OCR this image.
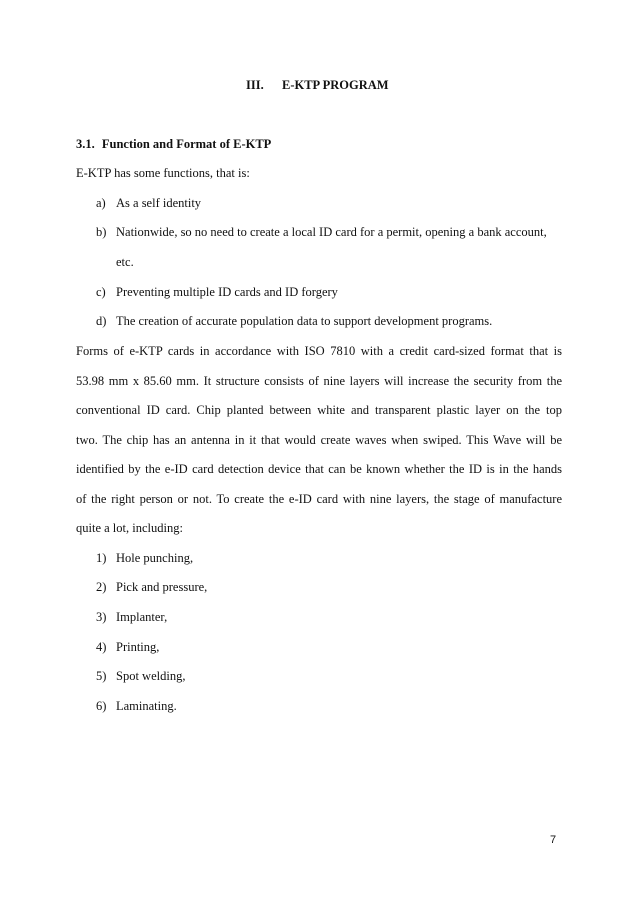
III. E-KTP PROGRAM
3.1. Function and Format of E-KTP
E-KTP has some functions, that is:
a) As a self identity
b) Nationwide, so no need to create a local ID card for a permit, opening a bank account,
etc.
c) Preventing multiple ID cards and ID forgery
d) The creation of accurate population data to support development programs.
Forms of e-KTP cards in accordance with ISO 7810 with a credit card-sized format that is
53.98 mm x 85.60 mm. It structure consists of nine layers will increase the security from the
conventional ID card. Chip planted between white and transparent plastic layer on the top
two. The chip has an antenna in it that would create waves when swiped. This Wave will be
identified by the e-ID card detection device that can be known whether the ID is in the hands
of the right person or not. To create the e-ID card with nine layers, the stage of manufacture
quite a lot, including:
1) Hole punching,
2) Pick and pressure,
3) Implanter,
4) Printing,
5) Spot welding,
6) Laminating.
7
